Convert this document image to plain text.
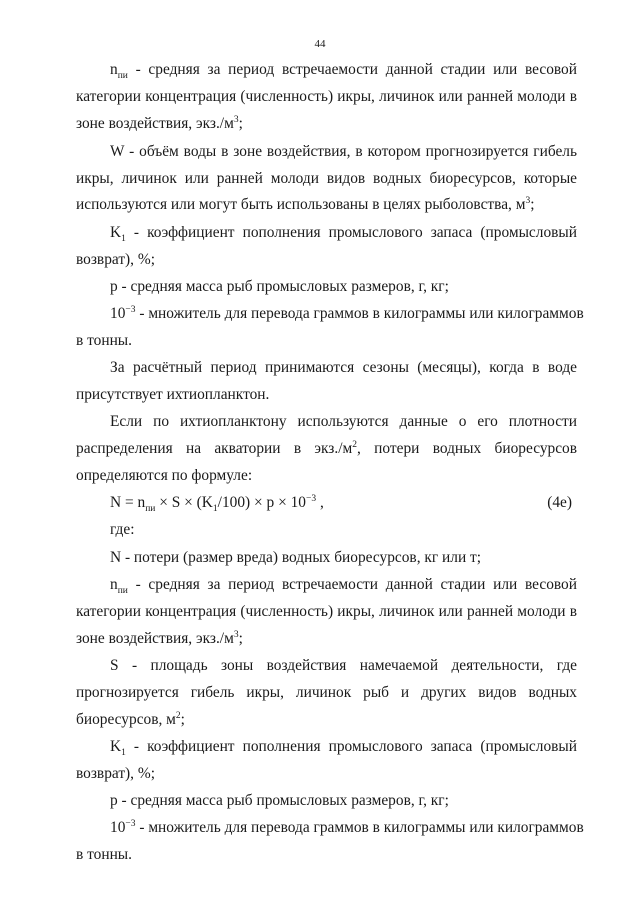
44
$n_{пи}$ - средняя за период встречаемости данной стадии или весовой
категории концентрация (численность) икры, личинок или ранней молоди в
зоне воздействия, $экз./м^3$;
W - объём воды в зоне воздействия, в котором прогнозируется гибель
икры, личинок или ранней молоди видов водных биоресурсов, которые
используются или могут быть использованы в целях рыболовства, $м^3$;
$K_1$ - коэффициент пополнения промыслового запаса (промысловый
возврат), %;
р - средняя масса рыб промысловых размеров, г, кг;
$10^{-3}$ - множитель для перевода граммов в килограммы или килограммов
в тонны.
За расчётный период принимаются сезоны (месяцы), когда в воде
присутствует ихтиопланктон.
Если по ихтиопланктону используются данные о его плотности
распределения на акватории в $экз./м^2$, потери водных биоресурсов
определяются по формуле:
$N = n_{пи} \times S \times (K_1/100) \times р \times 10^{-3}$ ,	(4е)
где:
N - потери (размер вреда) водных биоресурсов, кг или т;
$n_{пи}$ - средняя за период встречаемости данной стадии или весовой
категории концентрация (численность) икры, личинок или ранней молоди в
зоне воздействия, $экз./м^3$;
S - площадь зоны воздействия намечаемой деятельности, где
прогнозируется гибель икры, личинок рыб и других видов водных
биоресурсов, $м^2$;
$K_1$ - коэффициент пополнения промыслового запаса (промысловый
возврат), %;
р - средняя масса рыб промысловых размеров, г, кг;
$10^{-3}$ - множитель для перевода граммов в килограммы или килограммов
в тонны.
